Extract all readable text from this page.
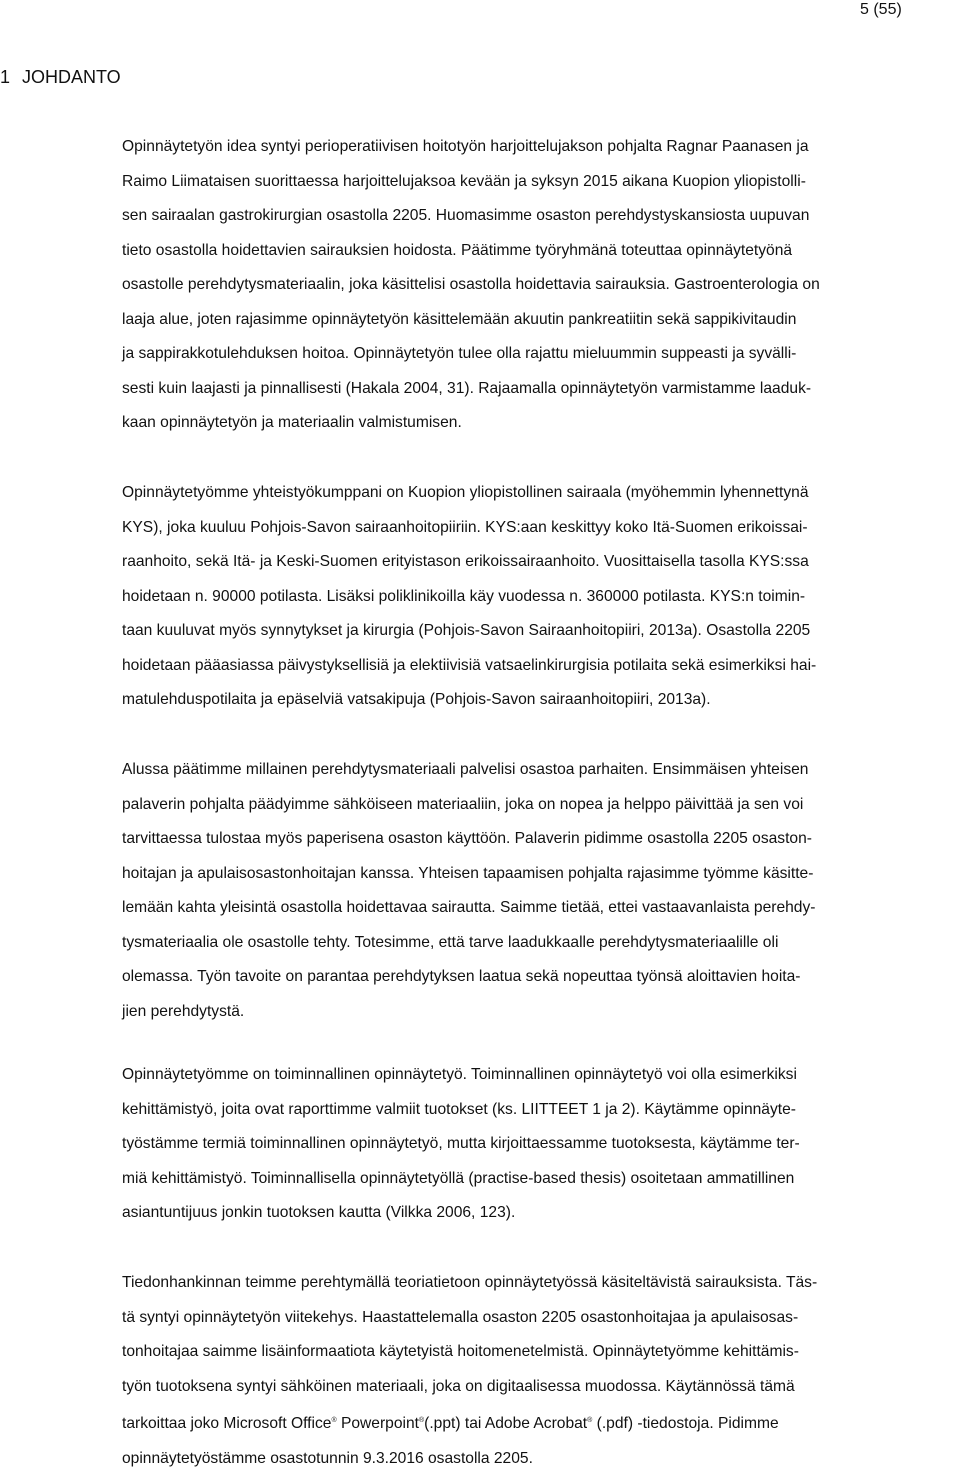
5 (55)
1 JOHDANTO
Opinnäytetyön idea syntyi perioperatiivisen hoitotyön harjoittelujakson pohjalta Ragnar Paanasen ja
Raimo Liimataisen suorittaessa harjoittelujaksoa kevään ja syksyn 2015 aikana Kuopion yliopistolli-
sen sairaalan gastrokirurgian osastolla 2205. Huomasimme osaston perehdystyskansiosta uupuvan
tieto osastolla hoidettavien sairauksien hoidosta. Päätimme työryhmänä toteuttaa opinnäytetyönä
osastolle perehdytysmateriaalin, joka käsittelisi osastolla hoidettavia sairauksia. Gastroenterologia on
laaja alue, joten rajasimme opinnäytetyön käsittelemään akuutin pankreatiitin sekä sappikivitaudin
ja sappirakkotulehduksen hoitoa. Opinnäytetyön tulee olla rajattu mieluummin suppeasti ja syvälli-
sesti kuin laajasti ja pinnallisesti (Hakala 2004, 31). Rajaamalla opinnäytetyön varmistamme laaduk-
kaan opinnäytetyön ja materiaalin valmistumisen.
Opinnäytetyömme yhteistyökumppani on Kuopion yliopistollinen sairaala (myöhemmin lyhennettynä
KYS), joka kuuluu Pohjois-Savon sairaanhoitopiiriin. KYS:aan keskittyy koko Itä-Suomen erikoissai-
raanhoito, sekä Itä- ja Keski-Suomen erityistason erikoissairaanhoito. Vuosittaisella tasolla KYS:ssa
hoidetaan n. 90000 potilasta. Lisäksi poliklinikoilla käy vuodessa n. 360000 potilasta. KYS:n toimin-
taan kuuluvat myös synnytykset ja kirurgia (Pohjois-Savon Sairaanhoitopiiri, 2013a). Osastolla 2205
hoidetaan pääasiassa päivystyksellisiä ja elektiivisiä vatsaelinkirurgisia potilaita sekä esimerkiksi hai-
matulehduspotilaita ja epäselviä vatsakipuja (Pohjois-Savon sairaanhoitopiiri, 2013a).
Alussa päätimme millainen perehdytysmateriaali palvelisi osastoa parhaiten. Ensimmäisen yhteisen
palaverin pohjalta päädyimme sähköiseen materiaaliin, joka on nopea ja helppo päivittää ja sen voi
tarvittaessa tulostaa myös paperisena osaston käyttöön. Palaverin pidimme osastolla 2205 osaston-
hoitajan ja apulaisosastonhoitajan kanssa. Yhteisen tapaamisen pohjalta rajasimme työmme käsitte-
lemään kahta yleisintä osastolla hoidettavaa sairautta. Saimme tietää, ettei vastaavanlaista perehdy-
tysmateriaalia ole osastolle tehty. Totesimme, että tarve laadukkaalle perehdytysmateriaalille oli
olemassa. Työn tavoite on parantaa perehdytyksen laatua sekä nopeuttaa työnsä aloittavien hoita-
jien perehdytystä.
Opinnäytetyömme on toiminnallinen opinnäytetyö. Toiminnallinen opinnäytetyö voi olla esimerkiksi
kehittämistyö, joita ovat raporttimme valmiit tuotokset (ks. LIITTEET 1 ja 2). Käytämme opinnäyte-
työstämme termiä toiminnallinen opinnäytetyö, mutta kirjoittaessamme tuotoksesta, käytämme ter-
miä kehittämistyö. Toiminnallisella opinnäytetyöllä (practise-based thesis) osoitetaan ammatillinen
asiantuntijuus jonkin tuotoksen kautta (Vilkka 2006, 123).
Tiedonhankinnan teimme perehtymällä teoriatietoon opinnäytetyössä käsiteltävistä sairauksista. Täs-
tä syntyi opinnäytetyön viitekehys. Haastattelemalla osaston 2205 osastonhoitajaa ja apulaisosas-
tonhoitajaa saimme lisäinformaatiota käytetyistä hoitomenetelmistä. Opinnäytetyömme kehittämis-
työn tuotoksena syntyi sähköinen materiaali, joka on digitaalisessa muodossa. Käytännössä tämä
tarkoittaa joko Microsoft Office® Powerpoint®(.ppt) tai Adobe Acrobat® (.pdf) -tiedostoja. Pidimme
opinnäytetyöstämme osastotunnin 9.3.2016 osastolla 2205.
